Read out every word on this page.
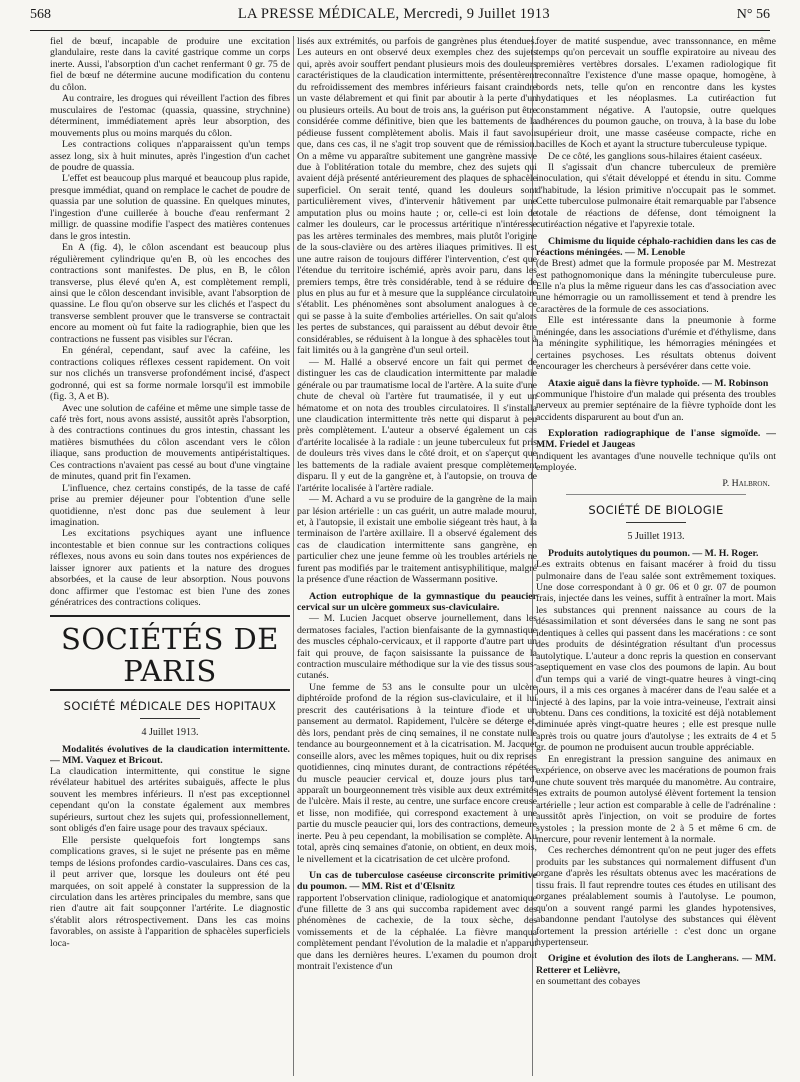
568	LA PRESSE MÉDICALE, Mercredi, 9 Juillet 1913	N° 56

fiel de bœuf, incapable de produire une excitation glandulaire, reste dans la cavité gastrique comme un corps inerte. Aussi, l'absorption d'un cachet renfermant 0 gr. 75 de fiel de bœuf ne détermine aucune modification du contenu du côlon.

Au contraire, les drogues qui réveillent l'action des fibres musculaires de l'estomac (quassia, quassine, strychnine) déterminent, immédiatement après leur absorption, des mouvements plus ou moins marqués du côlon.

Les contractions coliques n'apparaissent qu'un temps assez long, six à huit minutes, après l'ingestion d'un cachet de poudre de quassia.

L'effet est beaucoup plus marqué et beaucoup plus rapide, presque immédiat, quand on remplace le cachet de poudre de quassia par une solution de quassine. En quelques minutes, l'ingestion d'une cuillerée à bouche d'eau renfermant 2 milligr. de quassine modifie l'aspect des matières contenues dans le gros intestin.

En A (fig. 4), le côlon ascendant est beaucoup plus régulièrement cylindrique qu'en B, où les encoches des contractions sont manifestes. De plus, en B, le côlon transverse, plus élevé qu'en A, est complètement rempli, ainsi que le côlon descendant invisible, avant l'absorption de quassine. Le flou qu'on observe sur les clichés et l'aspect du transverse semblent prouver que le transverse se contractait encore au moment où fut faite la radiographie, bien que les contractions ne fussent pas visibles sur l'écran.

En général, cependant, sauf avec la caféine, les contractions coliques réflexes cessent rapidement. On voit sur nos clichés un transverse profondément incisé, d'aspect godronné, qui est sa forme normale lorsqu'il est immobile (fig. 3, A et B).

Avec une solution de caféine et même une simple tasse de café très fort, nous avons assisté, aussitôt après l'absorption, à des contractions continues du gros intestin, chassant les matières bismuthées du côlon ascendant vers le côlon iliaque, sans production de mouvements antipéristaltiques. Ces contractions n'avaient pas cessé au bout d'une vingtaine de minutes, quand prit fin l'examen.

L'influence, chez certains constipés, de la tasse de café prise au premier déjeuner pour l'obtention d'une selle quotidienne, n'est donc pas due seulement à leur imagination.

Les excitations psychiques ayant une influence incontestable et bien connue sur les contractions coliques réflexes, nous avons eu soin dans toutes nos expériences de laisser ignorer aux patients et la nature des drogues absorbées, et la cause de leur absorption. Nous pouvons donc affirmer que l'estomac est bien l'une des zones génératrices des contractions coliques.

SOCIÉTÉS DE PARIS
SOCIÉTÉ MÉDICALE DES HOPITAUX
4 Juillet 1913.

Modalités évolutives de la claudication intermittente. — MM. Vaquez et Bricout.

La claudication intermittente, qui constitue le signe révélateur habituel des artérites subaiguës, affecte le plus souvent les membres inférieurs. Il n'est pas exceptionnel cependant qu'on la constate également aux membres supérieurs, surtout chez les sujets qui, professionnellement, sont obligés d'en faire usage pour des travaux spéciaux.

Elle persiste quelquefois fort longtemps sans complications graves, si le sujet ne présente pas en même temps de lésions profondes cardio-vasculaires. Dans ces cas, il peut arriver que, lorsque les douleurs ont été peu marquées, on soit appelé à constater la suppression de la circulation dans les artères principales du membre, sans que rien d'autre ait fait soupçonner l'artérite. Le diagnostic s'établit alors rétrospectivement. Dans les cas moins favorables, on assiste à l'apparition de sphacèles superficiels loca-

lisés aux extrémités, ou parfois de gangrènes plus étendues. Les auteurs en ont observé deux exemples chez des sujets qui, après avoir souffert pendant plusieurs mois des douleurs caractéristiques de la claudication intermittente, présentèrent du refroidissement des membres inférieurs faisant craindre un vaste délabrement et qui finit par aboutir à la perte d'un ou plusieurs orteils. Au bout de trois ans, la guérison put être considérée comme définitive, bien que les battements de la pédieuse fussent complètement abolis. Mais il faut savoir que, dans ces cas, il ne s'agit trop souvent que de rémission. On a même vu apparaître subitement une gangrène massive due à l'oblitération totale du membre, chez des sujets qui avaient déjà présenté antérieurement des plaques de sphacèle superficiel. On serait tenté, quand les douleurs sont particulièrement vives, d'intervenir hâtivement par une amputation plus ou moins haute ; or, celle-ci est loin de calmer les douleurs, car le processus artéritique n'intéresse pas les artères terminales des membres, mais plutôt l'origine de la sous-clavière ou des artères iliaques primitives. Il est une autre raison de toujours différer l'intervention, c'est que l'étendue du territoire ischémié, après avoir paru, dans les premiers temps, être très considérable, tend à se réduire de plus en plus au fur et à mesure que la suppléance circulatoire s'établit. Les phénomènes sont absolument analogues à ce qui se passe à la suite d'embolies artérielles. On sait qu'alors les pertes de substances, qui paraissent au début devoir être considérables, se réduisent à la longue à des sphacèles tout à fait limités ou à la gangrène d'un seul orteil.

— M. Hallé a observé encore un fait qui permet de distinguer les cas de claudication intermittente par maladie générale ou par traumatisme local de l'artère. A la suite d'une chute de cheval où l'artère fut traumatisée, il y eut un hématome et on nota des troubles circulatoires. Il s'installa une claudication intermittente très nette qui disparut à peu près complètement. L'auteur a observé également un cas d'artérite localisée à la radiale : un jeune tuberculeux fut pris de douleurs très vives dans le côté droit, et on s'aperçut que les battements de la radiale avaient presque complètement disparu. Il y eut de la gangrène et, à l'autopsie, on trouva de l'artérite localisée à l'artère radiale.

— M. Achard a vu se produire de la gangrène de la main par lésion artérielle : un cas guérit, un autre malade mourut, et, à l'autopsie, il existait une embolie siégeant très haut, à la terminaison de l'artère axillaire. Il a observé également des cas de claudication intermittente sans gangrène, en particulier chez une jeune femme où les troubles artériels ne furent pas modifiés par le traitement antisyphilitique, malgré la présence d'une réaction de Wassermann positive.

Action eutrophique de la gymnastique du peaucier cervical sur un ulcère gommeux sus-claviculaire.

— M. Lucien Jacquet observe journellement, dans les dermatoses faciales, l'action bienfaisante de la gymnastique des muscles céphalo-cervicaux, et il rapporte d'autre part un fait qui prouve, de façon saisissante la puissance de la contraction musculaire méthodique sur la vie des tissus sous-cutanés.

Une femme de 53 ans le consulte pour un ulcère diphtéroïde profond de la région sus-claviculaire, et il lui prescrit des cautérisations à la teinture d'iode et un pansement au dermatol. Rapidement, l'ulcère se déterge et, dès lors, pendant près de cinq semaines, il ne constate nulle tendance au bourgeonnement et à la cicatrisation. M. Jacquet conseille alors, avec les mêmes topiques, huit ou dix reprises quotidiennes, cinq minutes durant, de contractions répétées du muscle peaucier cervical et, douze jours plus tard, apparaît un bourgeonnement très visible aux deux extrémités de l'ulcère. Mais il reste, au centre, une surface encore creuse et lisse, non modifiée, qui correspond exactement à une partie du muscle peaucier qui, lors des contractions, demeure inerte. Peu à peu cependant, la mobilisation se complète. Au total, après cinq semaines d'atonie, on obtient, en deux mois, le nivellement et la cicatrisation de cet ulcère profond.

Un cas de tuberculose caséeuse circonscrite primitive du poumon. — MM. Rist et d'Œlsnitz

rapportent l'observation clinique, radiologique et anatomique d'une fillette de 3 ans qui succomba rapidement avec des phénomènes de cachexie, de la toux sèche, des vomissements et de la céphalée. La fièvre manqua complètement pendant l'évolution de la maladie et n'apparut que dans les dernières heures. L'examen du poumon droit montrait l'existence d'un

foyer de matité suspendue, avec transsonnance, en même temps qu'on percevait un souffle expiratoire au niveau des premières vertèbres dorsales. L'examen radiologique fit reconnaître l'existence d'une masse opaque, homogène, à bords nets, telle qu'on en rencontre dans les kystes hydatiques et les néoplasmes. La cutiréaction fut constamment négative. A l'autopsie, outre quelques adhérences du poumon gauche, on trouva, à la base du lobe supérieur droit, une masse caséeuse compacte, riche en bacilles de Koch et ayant la structure tuberculeuse typique.

De ce côté, les ganglions sous-hilaires étaient caséeux.

Il s'agissait d'un chancre tuberculeux de première inoculation, qui s'était développé et étendu in situ. Comme d'habitude, la lésion primitive n'occupait pas le sommet. Cette tuberculose pulmonaire était remarquable par l'absence totale de réactions de défense, dont témoignent la cutiréaction négative et l'apyrexie totale.

Chimisme du liquide céphalo-rachidien dans les cas de réactions méningées. — M. Lenoble

(de Brest) admet que la formule proposée par M. Mestrezat est pathognomonique dans la méningite tuberculeuse pure. Elle n'a plus la même rigueur dans les cas d'association avec une hémorragie ou un ramollissement et tend à prendre les caractères de la formule de ces associations.

Elle est intéressante dans la pneumonie à forme méningée, dans les associations d'urémie et d'éthylisme, dans la méningite syphilitique, les hémorragies méningées et certaines psychoses. Les résultats obtenus doivent encourager les chercheurs à persévérer dans cette voie.

Ataxie aiguë dans la fièvre typhoïde. — M. Robinson

communique l'histoire d'un malade qui présenta des troubles nerveux au premier septénaire de la fièvre typhoïde dont les accidents disparurent au bout d'un an.

Exploration radiographique de l'anse sigmoïde. — MM. Friedel et Jaugeas

indiquent les avantages d'une nouvelle technique qu'ils ont employée.

P. Halbron.
SOCIÉTÉ DE BIOLOGIE
5 Juillet 1913.

Produits autolytiques du poumon. — M. H. Roger.

Les extraits obtenus en faisant macérer à froid du tissu pulmonaire dans de l'eau salée sont extrêmement toxiques. Une dose correspondant à 0 gr. 06 et 0 gr. 07 de poumon frais, injectée dans les veines, suffit à entraîner la mort. Mais les substances qui prennent naissance au cours de la désassimilation et sont déversées dans le sang ne sont pas identiques à celles qui passent dans les macérations : ce sont des produits de désintégration résultant d'un processus autolytique. L'auteur a donc repris la question en conservant aseptiquement en vase clos des poumons de lapin. Au bout d'un temps qui a varié de vingt-quatre heures à vingt-cinq jours, il a mis ces organes à macérer dans de l'eau salée et a injecté à des lapins, par la voie intra-veineuse, l'extrait ainsi obtenu. Dans ces conditions, la toxicité est déjà notablement diminuée après vingt-quatre heures ; elle est presque nulle après trois ou quatre jours d'autolyse ; les extraits de 4 et 5 gr. de poumon ne produisent aucun trouble appréciable.

En enregistrant la pression sanguine des animaux en expérience, on observe avec les macérations de poumon frais une chute souvent très marquée du manomètre. Au contraire, les extraits de poumon autolysé élèvent fortement la tension artérielle ; leur action est comparable à celle de l'adrénaline : aussitôt après l'injection, on voit se produire de fortes systoles ; la pression monte de 2 à 5 et même 6 cm. de mercure, pour revenir lentement à la normale.

Ces recherches démontrent qu'on ne peut juger des effets produits par les substances qui normalement diffusent d'un organe d'après les résultats obtenus avec les macérations de tissu frais. Il faut reprendre toutes ces études en utilisant des organes préalablement soumis à l'autolyse. Le poumon, qu'on a souvent rangé parmi les glandes hypotensives, abandonne pendant l'autolyse des substances qui élèvent fortement la pression artérielle : c'est donc un organe hypertenseur.

Origine et évolution des îlots de Langherans. — MM. Retterer et Lelièvre,

en soumettant des cobayes
